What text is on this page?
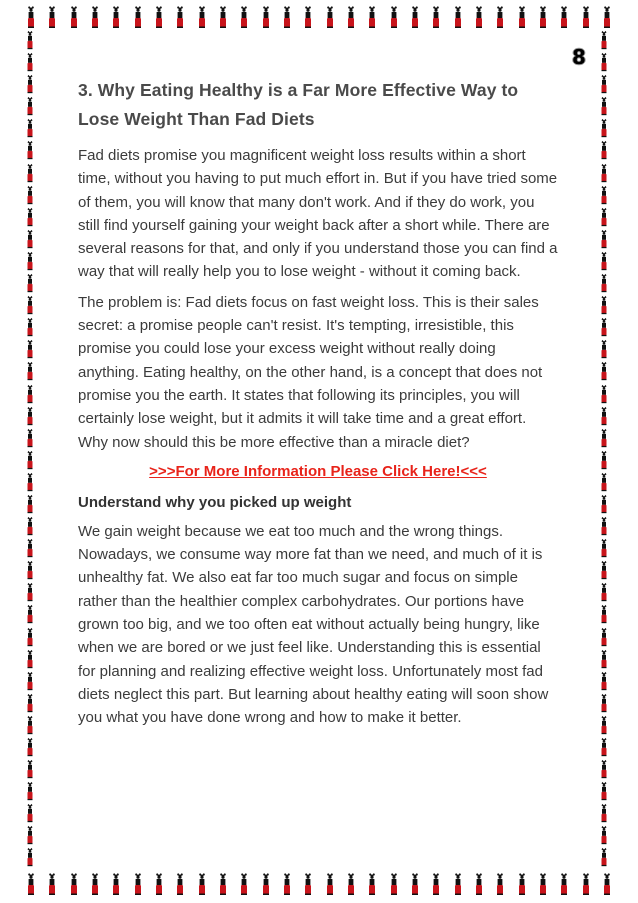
8
3. Why Eating Healthy is a Far More Effective Way to Lose Weight Than Fad Diets

Fad diets promise you magnificent weight loss results within a short time, without you having to put much effort in. But if you have tried some of them, you will know that many don't work. And if they do work, you still find yourself gaining your weight back after a short while. There are several reasons for that, and only if you understand those you can find a way that will really help you to lose weight - without it coming back.

The problem is: Fad diets focus on fast weight loss. This is their sales secret: a promise people can't resist. It's tempting, irresistible, this promise you could lose your excess weight without really doing anything. Eating healthy, on the other hand, is a concept that does not promise you the earth. It states that following its principles, you will certainly lose weight, but it admits it will take time and a great effort. Why now should this be more effective than a miracle diet?

>>>For More Information Please Click Here!<<<
Understand why you picked up weight

We gain weight because we eat too much and the wrong things. Nowadays, we consume way more fat than we need, and much of it is unhealthy fat. We also eat far too much sugar and focus on simple rather than the healthier complex carbohydrates. Our portions have grown too big, and we too often eat without actually being hungry, like when we are bored or we just feel like. Understanding this is essential for planning and realizing effective weight loss. Unfortunately most fad diets neglect this part. But learning about healthy eating will soon show you what you have done wrong and how to make it better.
